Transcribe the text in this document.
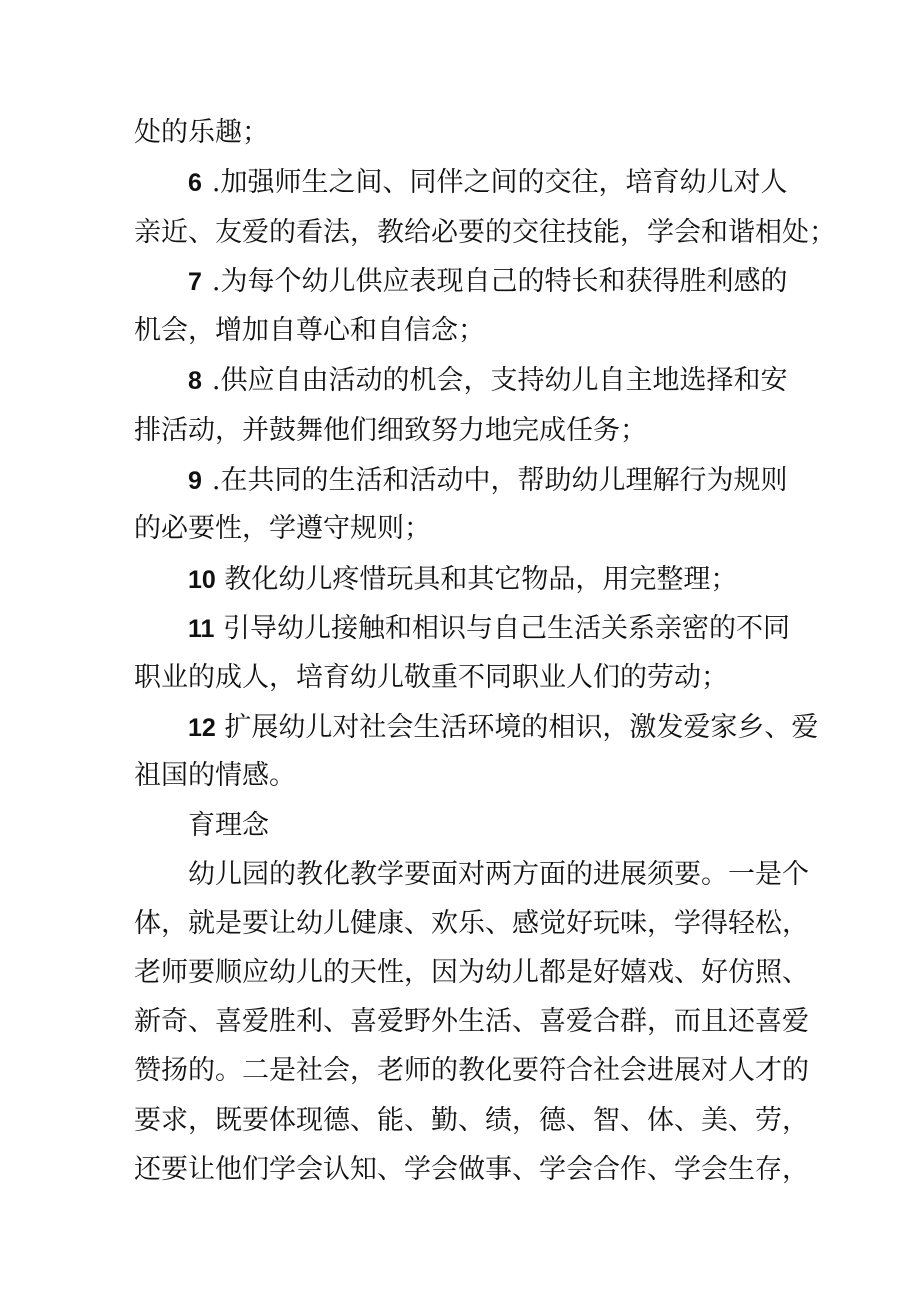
处的乐趣；
6 .加强师生之间、同伴之间的交往，培育幼儿对人
亲近、友爱的看法，教给必要的交往技能，学会和谐相处；
7 .为每个幼儿供应表现自己的特长和获得胜利感的
机会，增加自尊心和自信念；
8 .供应自由活动的机会，支持幼儿自主地选择和安
排活动，并鼓舞他们细致努力地完成任务；
9 .在共同的生活和活动中，帮助幼儿理解行为规则
的必要性，学遵守规则；
10 教化幼儿疼惜玩具和其它物品，用完整理；
11 引导幼儿接触和相识与自己生活关系亲密的不同
职业的成人，培育幼儿敬重不同职业人们的劳动；
12 扩展幼儿对社会生活环境的相识，激发爱家乡、爱
祖国的情感。
育理念
幼儿园的教化教学要面对两方面的进展须要。一是个
体，就是要让幼儿健康、欢乐、感觉好玩味，学得轻松，
老师要顺应幼儿的天性，因为幼儿都是好嬉戏、好仿照、
新奇、喜爱胜利、喜爱野外生活、喜爱合群，而且还喜爱
赞扬的。二是社会，老师的教化要符合社会进展对人才的
要求，既要体现德、能、勤、绩，德、智、体、美、劳，
还要让他们学会认知、学会做事、学会合作、学会生存，
